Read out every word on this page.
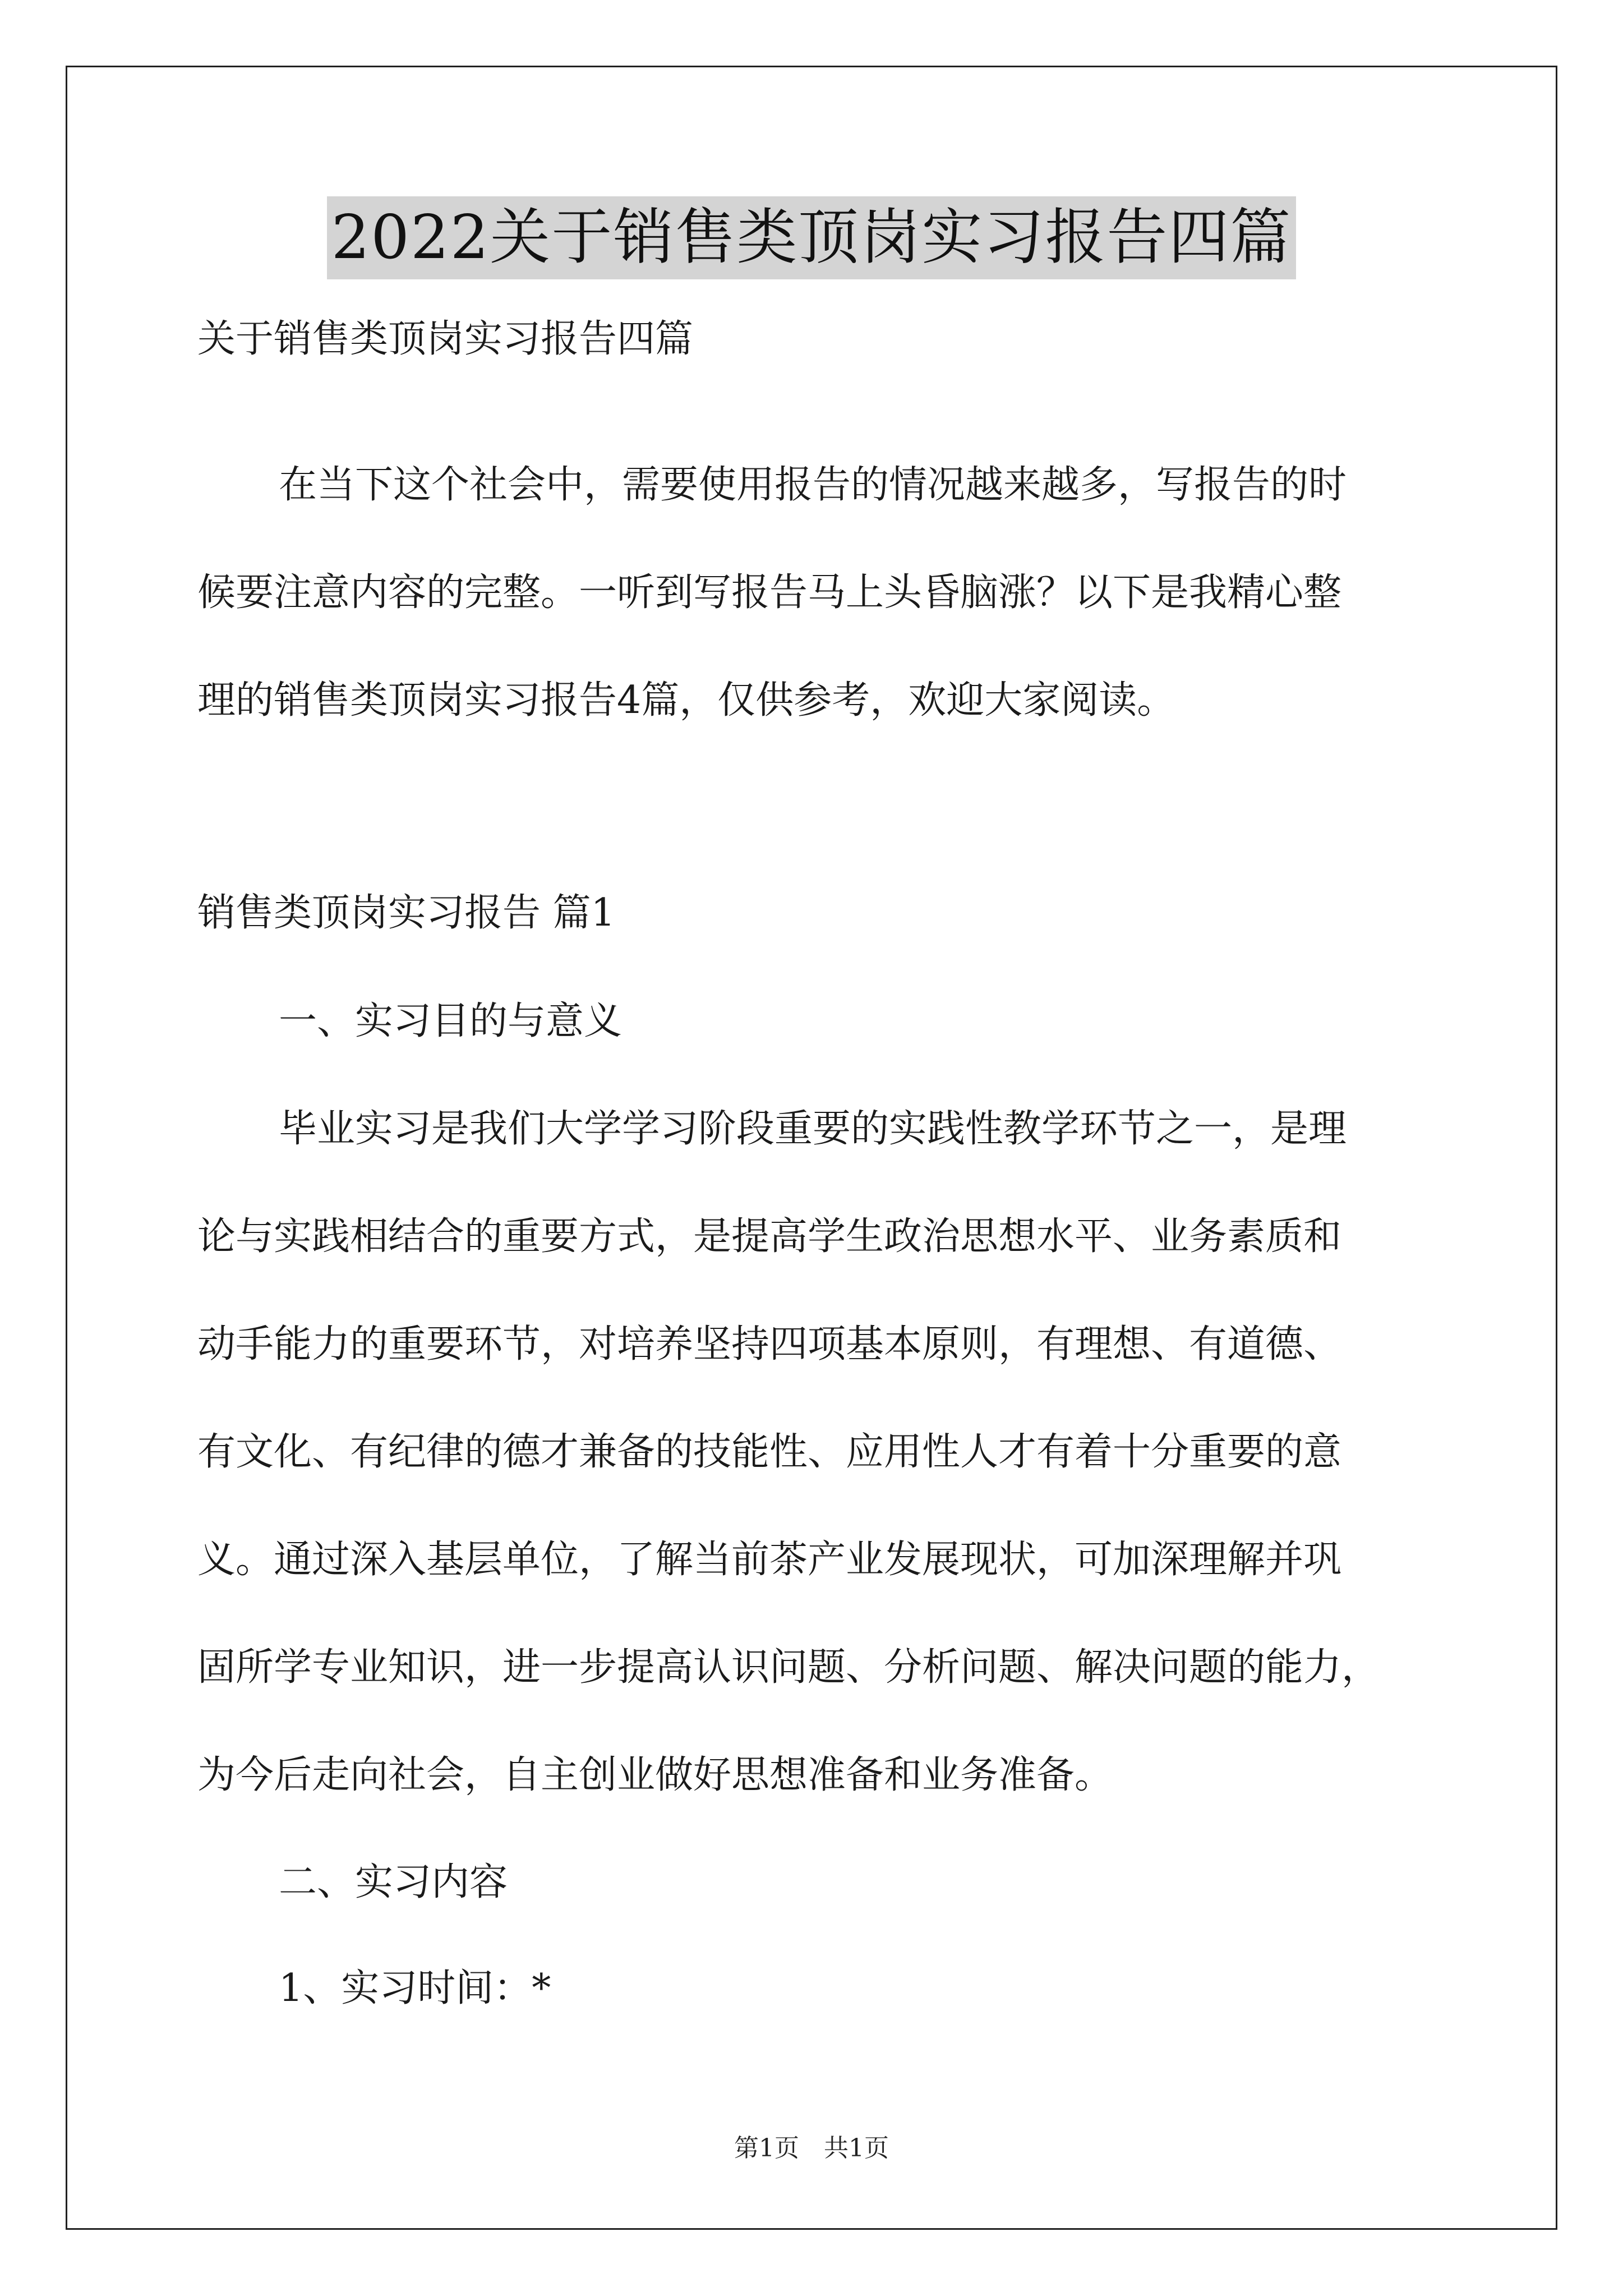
2022关于销售类顶岗实习报告四篇
关于销售类顶岗实习报告四篇
在当下这个社会中，需要使用报告的情况越来越多，写报告的时
候要注意内容的完整。一听到写报告马上头昏脑涨？以下是我精心整
理的销售类顶岗实习报告4篇，仅供参考，欢迎大家阅读。
销售类顶岗实习报告 篇1
一、实习目的与意义
毕业实习是我们大学学习阶段重要的实践性教学环节之一，是理
论与实践相结合的重要方式，是提高学生政治思想水平、业务素质和
动手能力的重要环节，对培养坚持四项基本原则，有理想、有道德、
有文化、有纪律的德才兼备的技能性、应用性人才有着十分重要的意
义。通过深入基层单位，了解当前茶产业发展现状，可加深理解并巩
固所学专业知识，进一步提高认识问题、分析问题、解决问题的能力，
为今后走向社会，自主创业做好思想准备和业务准备。
二、实习内容
1、实习时间：*
第1页　共1页
